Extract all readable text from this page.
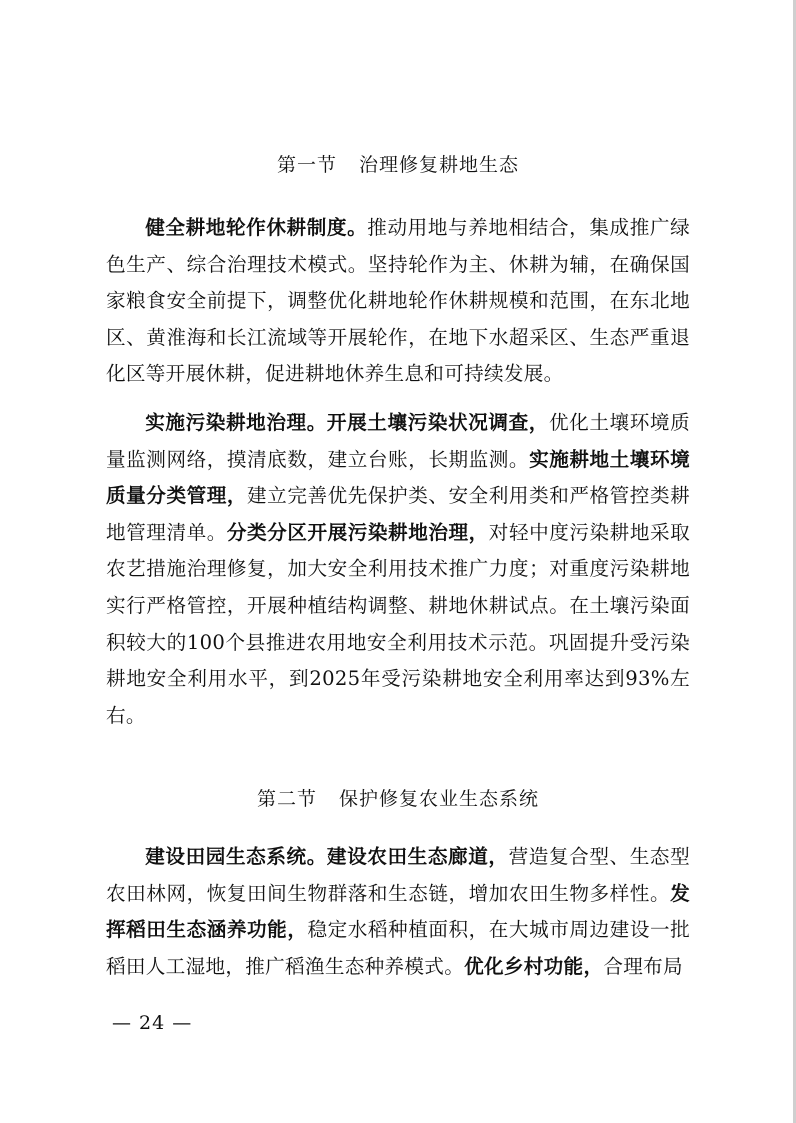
第一节 治理修复耕地生态

健全耕地轮作休耕制度。推动用地与养地相结合，集成推广绿色生产、综合治理技术模式。坚持轮作为主、休耕为辅，在确保国家粮食安全前提下，调整优化耕地轮作休耕规模和范围，在东北地区、黄淮海和长江流域等开展轮作，在地下水超采区、生态严重退化区等开展休耕，促进耕地休养生息和可持续发展。

实施污染耕地治理。开展土壤污染状况调查，优化土壤环境质量监测网络，摸清底数，建立台账，长期监测。实施耕地土壤环境质量分类管理，建立完善优先保护类、安全利用类和严格管控类耕地管理清单。分类分区开展污染耕地治理，对轻中度污染耕地采取农艺措施治理修复，加大安全利用技术推广力度；对重度污染耕地实行严格管控，开展种植结构调整、耕地休耕试点。在土壤污染面积较大的100个县推进农用地安全利用技术示范。巩固提升受污染耕地安全利用水平，到2025年受污染耕地安全利用率达到93%左右。

第二节 保护修复农业生态系统

建设田园生态系统。建设农田生态廊道，营造复合型、生态型农田林网，恢复田间生物群落和生态链，增加农田生物多样性。发挥稻田生态涵养功能，稳定水稻种植面积，在大城市周边建设一批稻田人工湿地，推广稻渔生态种养模式。优化乡村功能，合理布局

— 24 —
